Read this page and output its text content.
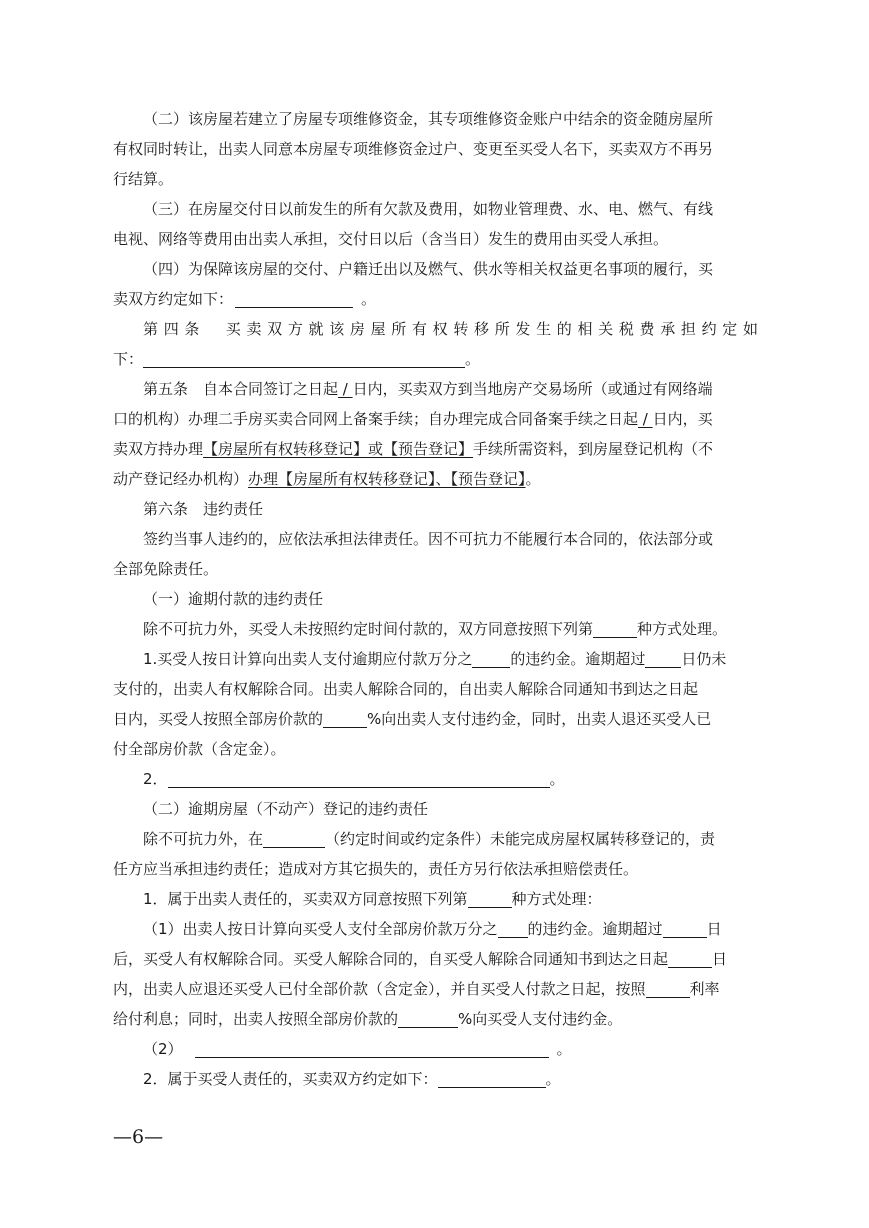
（二）该房屋若建立了房屋专项维修资金，其专项维修资金账户中结余的资金随房屋所
有权同时转让，出卖人同意本房屋专项维修资金过户、变更至买受人名下，买卖双方不再另
行结算。
（三）在房屋交付日以前发生的所有欠款及费用，如物业管理费、水、电、燃气、有线
电视、网络等费用由出卖人承担，交付日以后（含当日）发生的费用由买受人承担。
（四）为保障该房屋的交付、户籍迁出以及燃气、供水等相关权益更名事项的履行，买
卖双方约定如下：	。
第四条　买卖双方就该房屋所有权转移所发生的相关税费承担约定如
下：	。
第五条　自本合同签订之日起 / 日内，买卖双方到当地房产交易场所（或通过有网络端
口的机构）办理二手房买卖合同网上备案手续；自办理完成合同备案手续之日起 / 日内，买
卖双方持办理【房屋所有权转移登记】或【预告登记】手续所需资料，到房屋登记机构（不
动产登记经办机构）办理【房屋所有权转移登记】、【预告登记】。
第六条　违约责任
签约当事人违约的，应依法承担法律责任。因不可抗力不能履行本合同的，依法部分或
全部免除责任。
（一）逾期付款的违约责任
除不可抗力外，买受人未按照约定时间付款的，双方同意按照下列第	种方式处理。
1.买受人按日计算向出卖人支付逾期应付款万分之	的违约金。逾期超过 日仍未
支付的，出卖人有权解除合同。出卖人解除合同的，自出卖人解除合同通知书到达之日起
日内，买受人按照全部房价款的	%向出卖人支付违约金，同时，出卖人退还买受人已
付全部房价款（含定金）。
2．	。
（二）逾期房屋（不动产）登记的违约责任
除不可抗力外，在	（约定时间或约定条件）未能完成房屋权属转移登记的，责
任方应当承担违约责任；造成对方其它损失的，责任方另行依法承担赔偿责任。
1．属于出卖人责任的，买卖双方同意按照下列第	种方式处理：
（1）出卖人按日计算向买受人支付全部房价款万分之 的违约金。逾期超过	日
后，买受人有权解除合同。买受人解除合同的，自买受人解除合同通知书到达之日起	日
内，出卖人应退还买受人已付全部价款（含定金），并自买受人付款之日起，按照	利率
给付利息；同时，出卖人按照全部房价款的	%向买受人支付违约金。
（2）	。
2．属于买受人责任的，买卖双方约定如下：	。
—6—
